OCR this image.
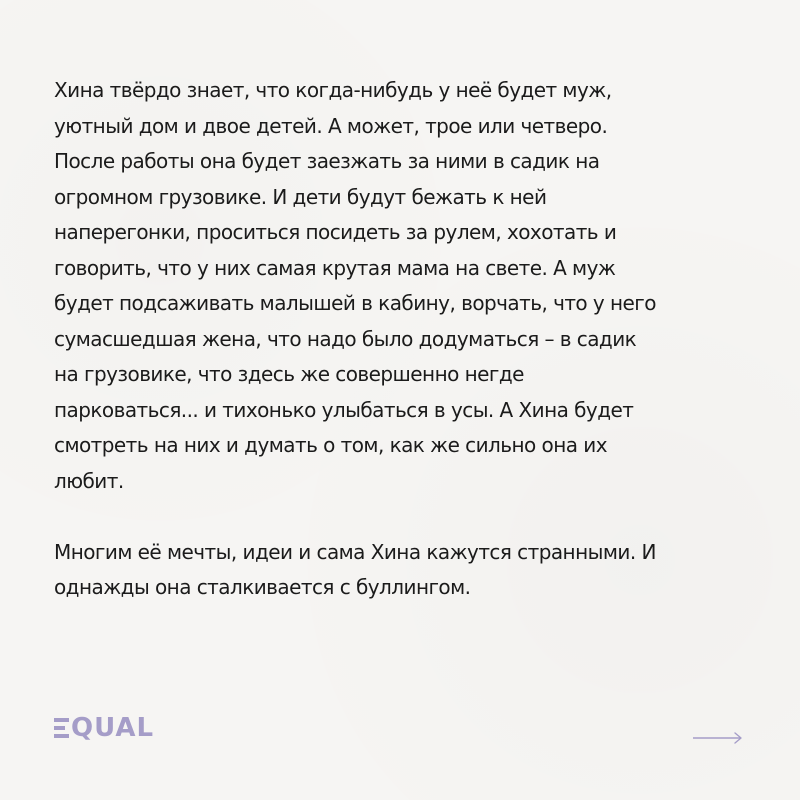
Хина твёрдо знает, что когда-нибудь у неё будет муж,
уютный дом и двое детей. А может, трое или четверо.
После работы она будет заезжать за ними в садик на
огромном грузовике. И дети будут бежать к ней
наперегонки, проситься посидеть за рулем, хохотать и
говорить, что у них самая крутая мама на свете. А муж
будет подсаживать малышей в кабину, ворчать, что у него
сумасшедшая жена, что надо было додуматься – в садик
на грузовике, что здесь же совершенно негде
парковаться... и тихонько улыбаться в усы. А Хина будет
смотреть на них и думать о том, как же сильно она их
любит.
Многим её мечты, идеи и сама Хина кажутся странными. И
однажды она сталкивается с буллингом.
QUAL
